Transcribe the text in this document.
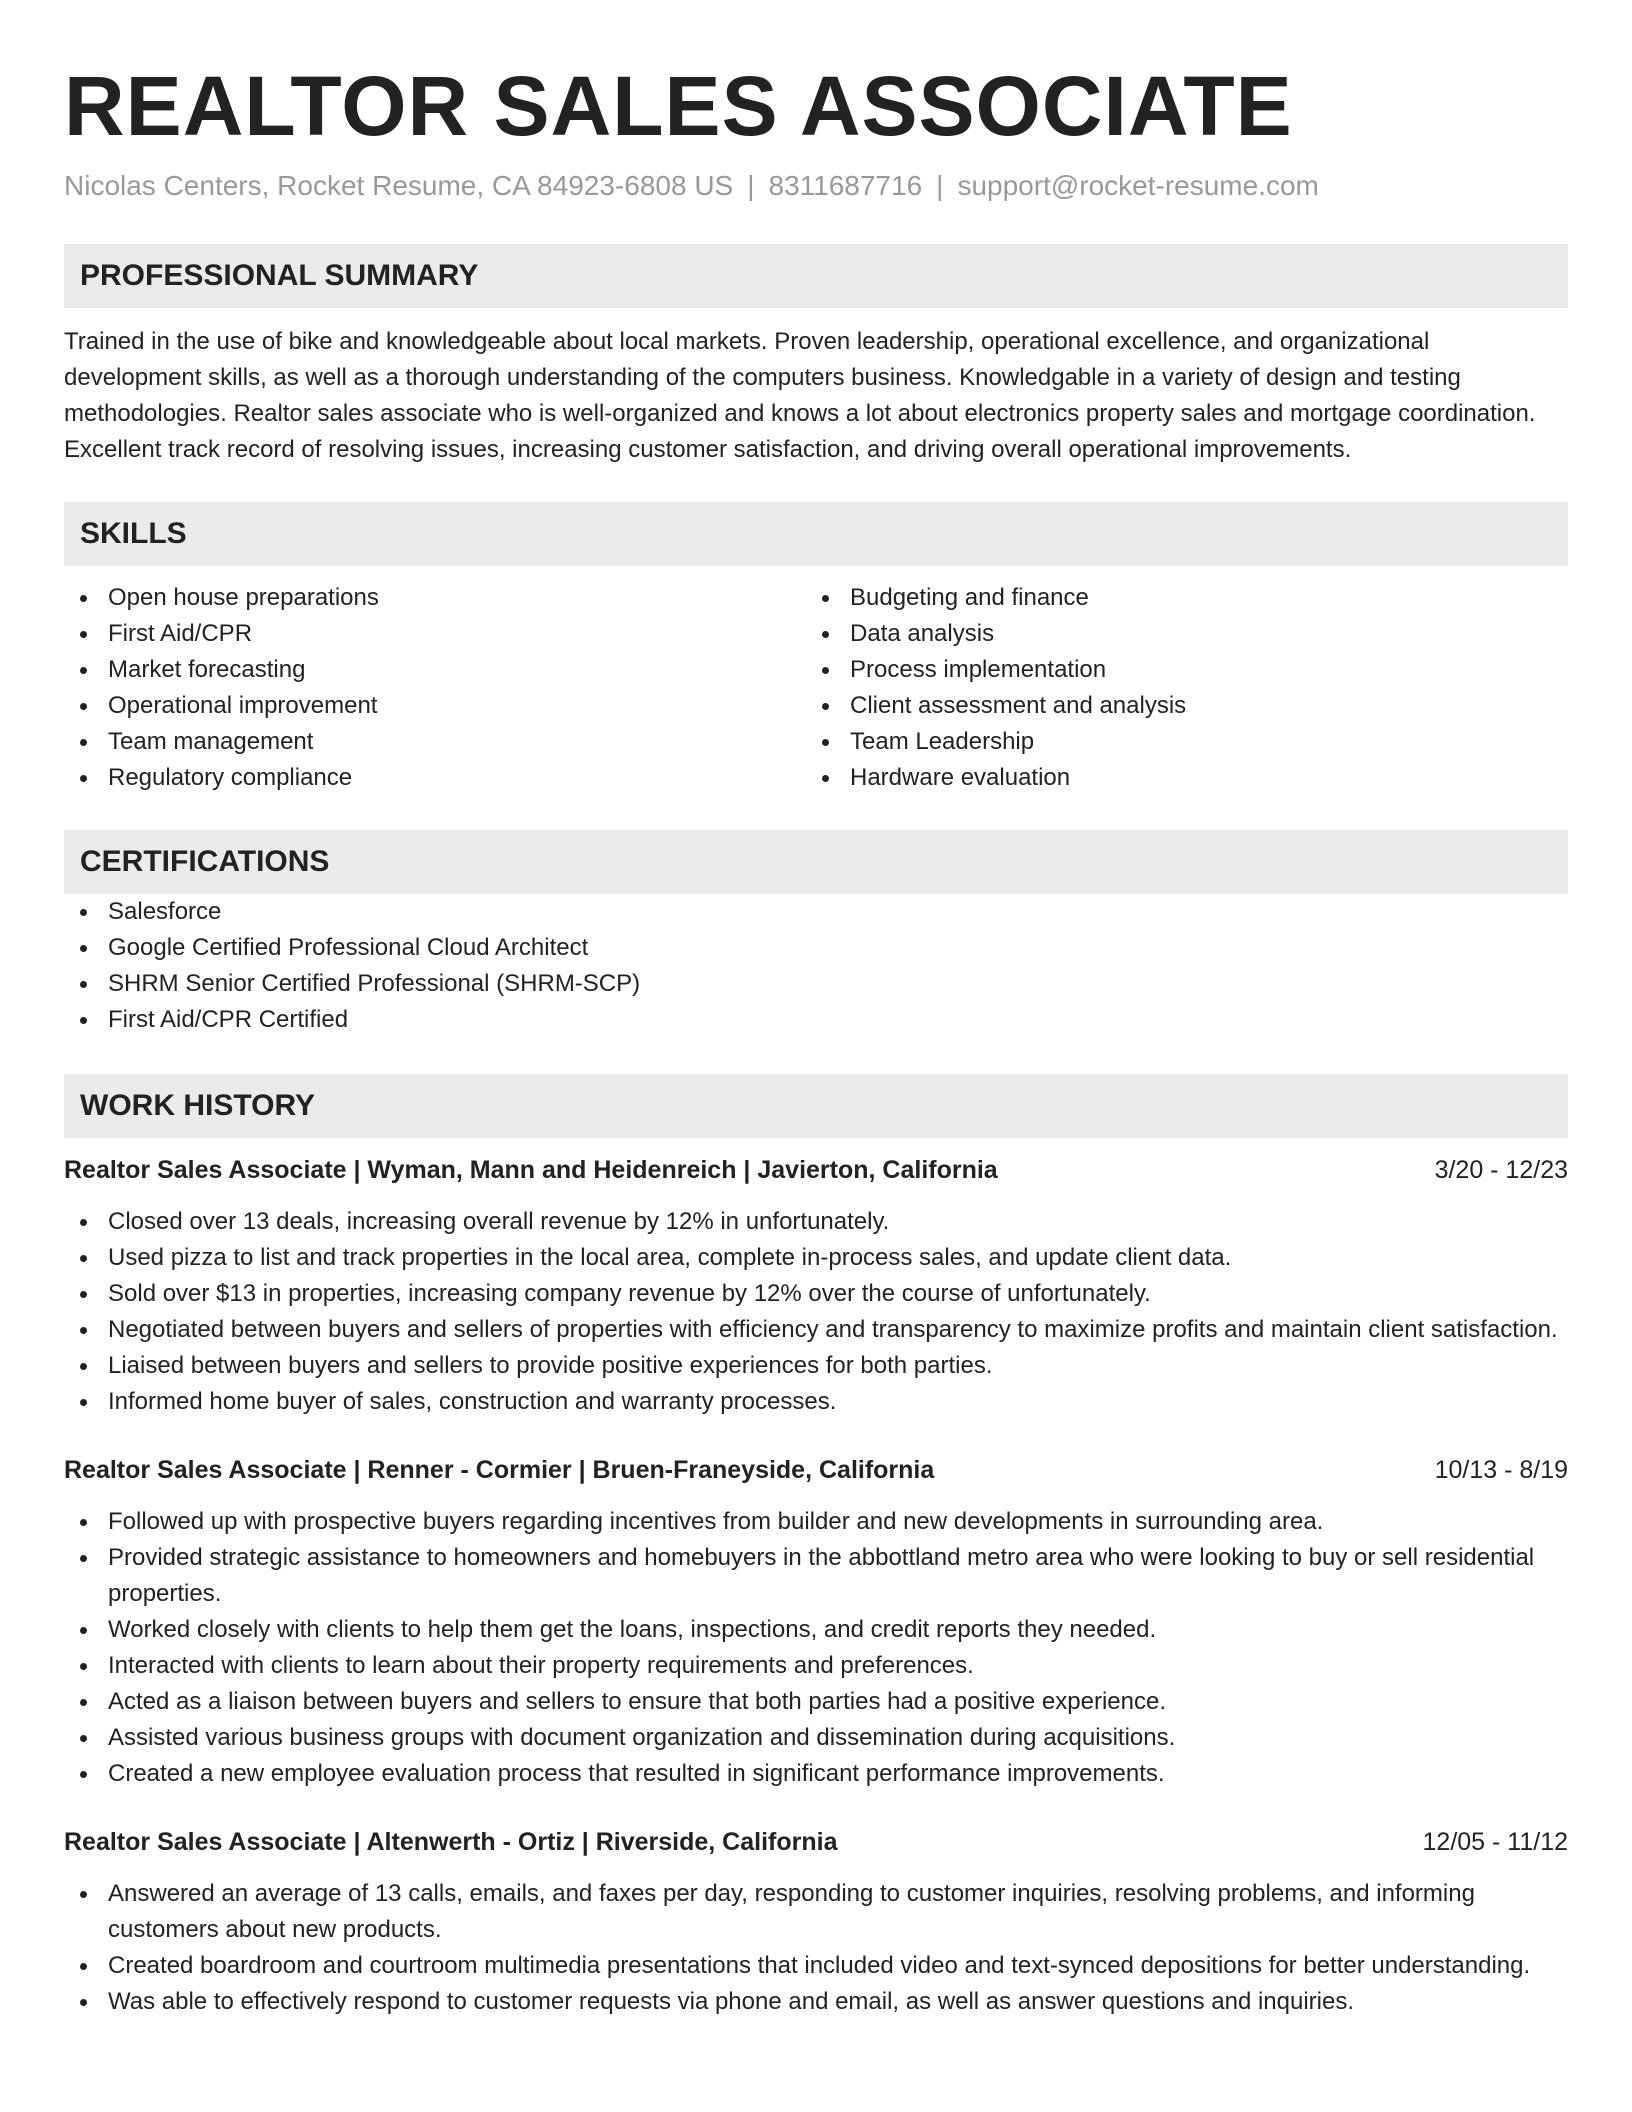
REALTOR SALES ASSOCIATE
Nicolas Centers, Rocket Resume, CA 84923-6808 US | 8311687716 | support@rocket-resume.com
PROFESSIONAL SUMMARY
Trained in the use of bike and knowledgeable about local markets. Proven leadership, operational excellence, and organizational development skills, as well as a thorough understanding of the computers business. Knowledgable in a variety of design and testing methodologies. Realtor sales associate who is well-organized and knows a lot about electronics property sales and mortgage coordination. Excellent track record of resolving issues, increasing customer satisfaction, and driving overall operational improvements.
SKILLS
Open house preparations
First Aid/CPR
Market forecasting
Operational improvement
Team management
Regulatory compliance
Budgeting and finance
Data analysis
Process implementation
Client assessment and analysis
Team Leadership
Hardware evaluation
CERTIFICATIONS
Salesforce
Google Certified Professional Cloud Architect
SHRM Senior Certified Professional (SHRM-SCP)
First Aid/CPR Certified
WORK HISTORY
Realtor Sales Associate | Wyman, Mann and Heidenreich | Javierton, California	3/20 - 12/23
Closed over 13 deals, increasing overall revenue by 12% in unfortunately.
Used pizza to list and track properties in the local area, complete in-process sales, and update client data.
Sold over $13 in properties, increasing company revenue by 12% over the course of unfortunately.
Negotiated between buyers and sellers of properties with efficiency and transparency to maximize profits and maintain client satisfaction.
Liaised between buyers and sellers to provide positive experiences for both parties.
Informed home buyer of sales, construction and warranty processes.
Realtor Sales Associate | Renner - Cormier | Bruen-Franeyside, California	10/13 - 8/19
Followed up with prospective buyers regarding incentives from builder and new developments in surrounding area.
Provided strategic assistance to homeowners and homebuyers in the abbottland metro area who were looking to buy or sell residential properties.
Worked closely with clients to help them get the loans, inspections, and credit reports they needed.
Interacted with clients to learn about their property requirements and preferences.
Acted as a liaison between buyers and sellers to ensure that both parties had a positive experience.
Assisted various business groups with document organization and dissemination during acquisitions.
Created a new employee evaluation process that resulted in significant performance improvements.
Realtor Sales Associate | Altenwerth - Ortiz | Riverside, California	12/05 - 11/12
Answered an average of 13 calls, emails, and faxes per day, responding to customer inquiries, resolving problems, and informing customers about new products.
Created boardroom and courtroom multimedia presentations that included video and text-synced depositions for better understanding.
Was able to effectively respond to customer requests via phone and email, as well as answer questions and inquiries.
